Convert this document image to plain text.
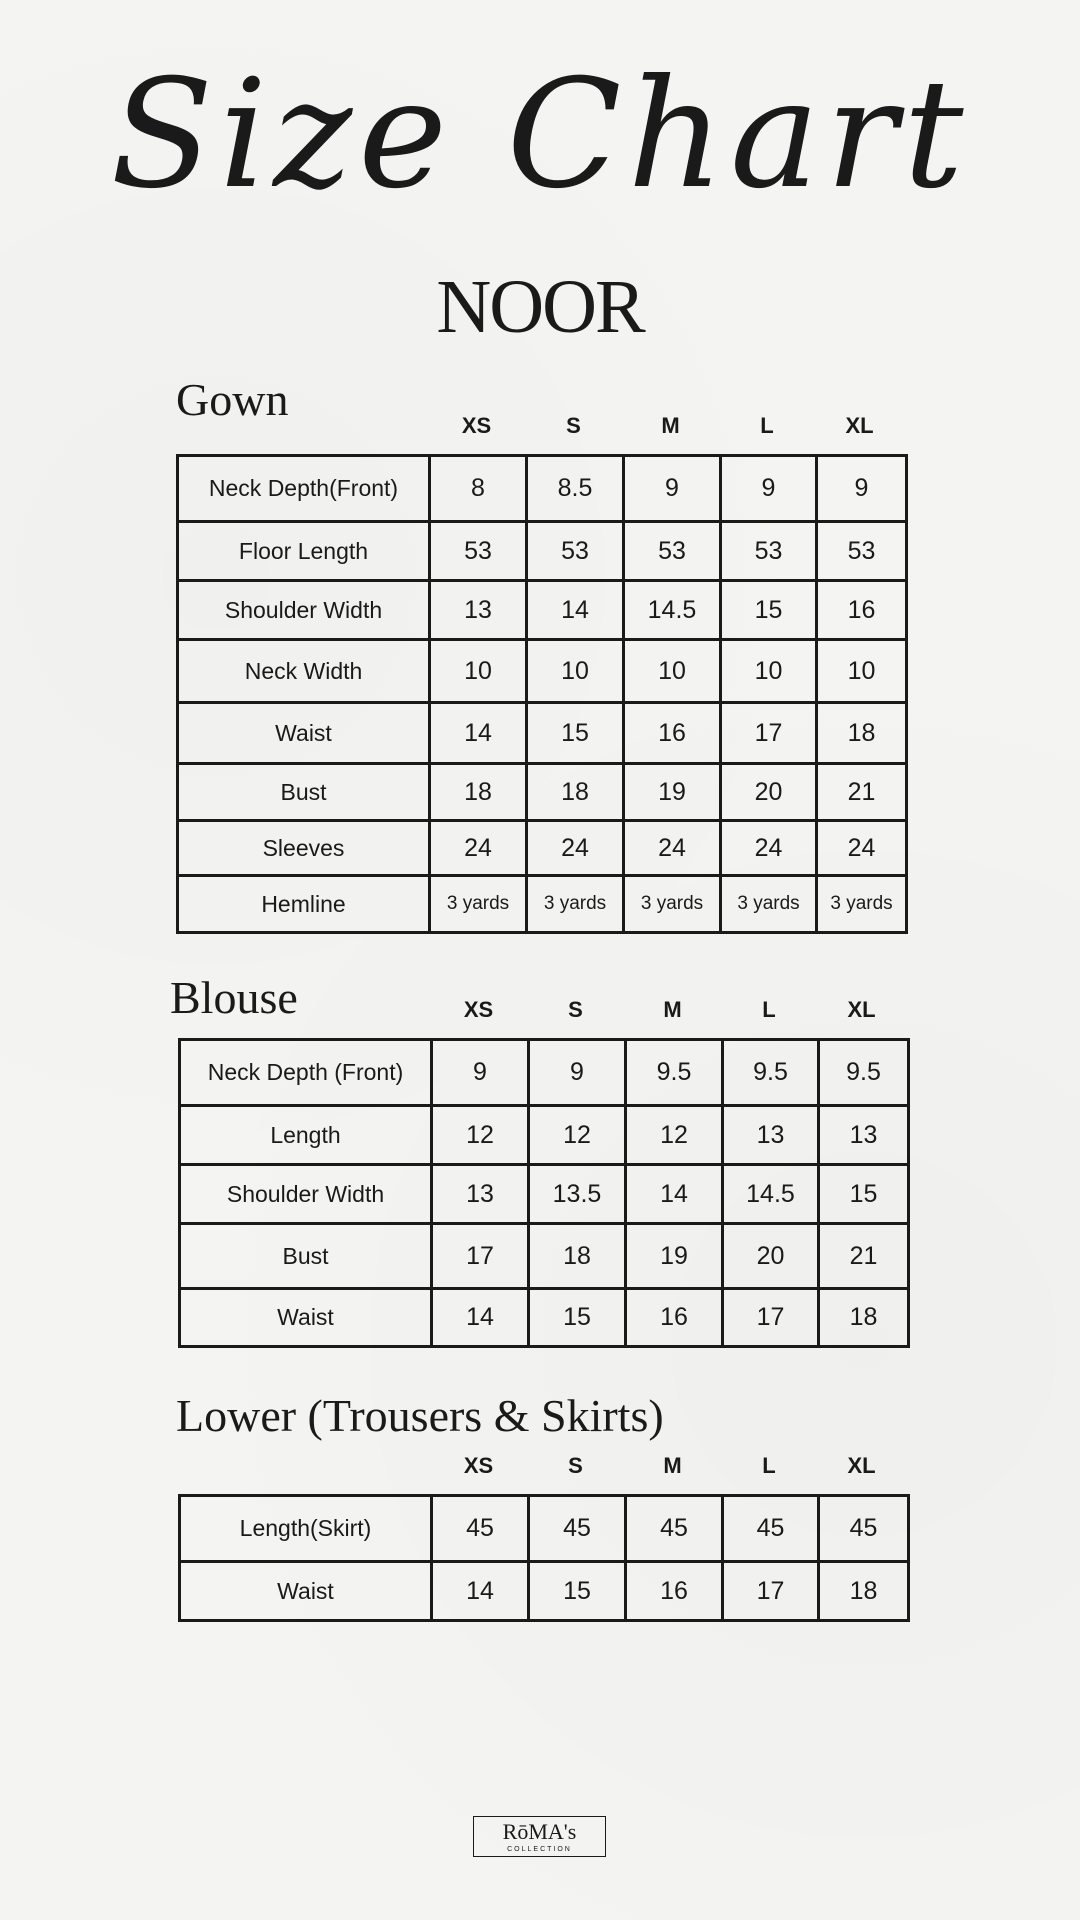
Size Chart
NOOR
Gown
XS	S	M	L	XL
Neck Depth(Front)	8	8.5	9	9	9
Floor Length	53	53	53	53	53
Shoulder Width	13	14	14.5	15	16
Neck Width	10	10	10	10	10
Waist	14	15	16	17	18
Bust	18	18	19	20	21
Sleeves	24	24	24	24	24
Hemline	3 yards	3 yards	3 yards	3 yards	3 yards
Blouse	XS	S	M	L	XL
Neck Depth (Front)	9	9	9.5	9.5	9.5
Length	12	12	12	13	13
Shoulder Width	13	13.5	14	14.5	15
Bust	17	18	19	20	21
Waist	14	15	16	17	18
Lower (Trousers & Skirts)
XS	S	M	L	XL
Length(Skirt)	45	45	45	45	45
Waist	14	15	16	17	18
RōMA's
COLLECTION
